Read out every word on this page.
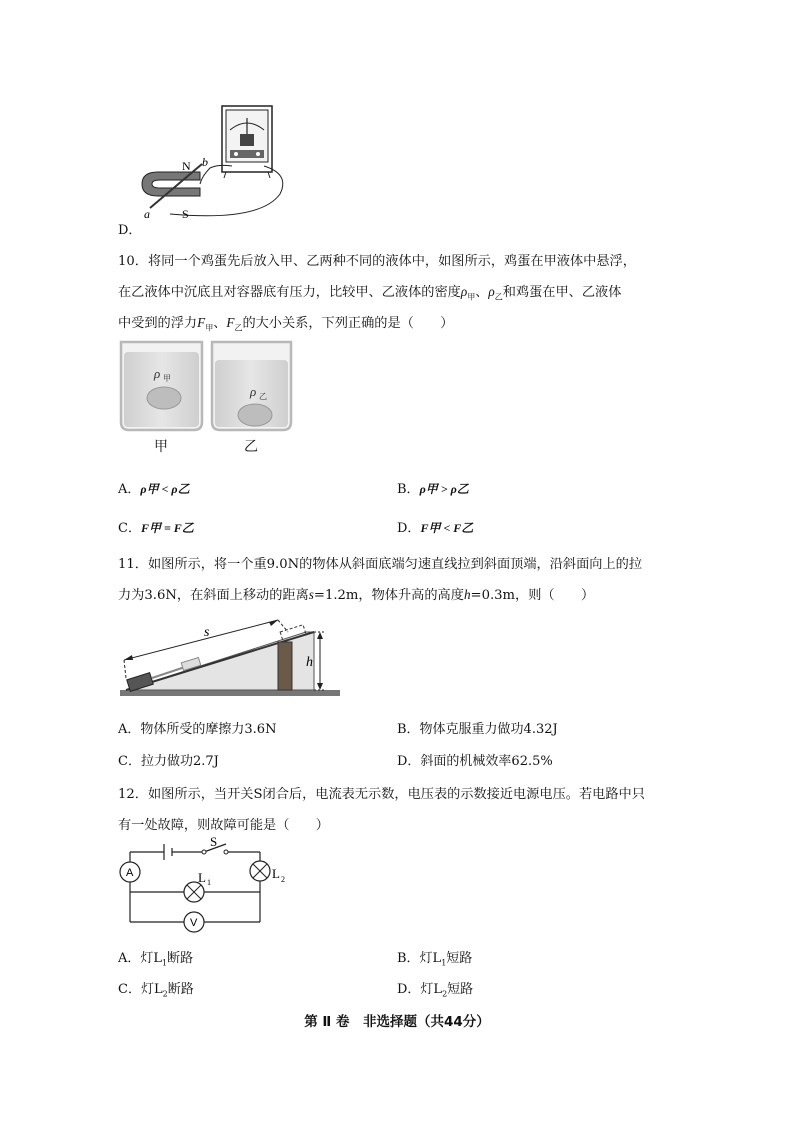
N b
a	S
D．
10．将同一个鸡蛋先后放入甲、乙两种不同的液体中，如图所示，鸡蛋在甲液体中悬浮，
在乙液体中沉底且对容器底有压力，比较甲、乙液体的密度$\rho_甲$、$\rho_乙$和鸡蛋在甲、乙液体
中受到的浮力$F_甲$、$F_乙$的大小关系，下列正确的是（　　）
ρ 甲
ρ 乙
甲	乙
A．ρ甲 < ρ乙	B．ρ甲 > ρ乙
C．F甲 = F乙	D．F甲 < F乙
11．如图所示，将一个重9.0N的物体从斜面底端匀速直线拉到斜面顶端，沿斜面向上的拉
力为3.6N，在斜面上移动的距离s=1.2m，物体升高的高度h=0.3m，则（　　）
s
h
A．物体所受的摩擦力3.6N	B．物体克服重力做功4.32J
C．拉力做功2.7J	D．斜面的机械效率62.5%
12．如图所示，当开关S闭合后，电流表无示数，电压表的示数接近电源电压。若电路中只
有一处故障，则故障可能是（　　）
A
V
S
L 1
L 2
A．灯$L_1$断路	B．灯$L_1$短路
C．灯$L_2$断路	D．灯$L_2$短路
第 Ⅱ 卷　非选择题（共44分）
